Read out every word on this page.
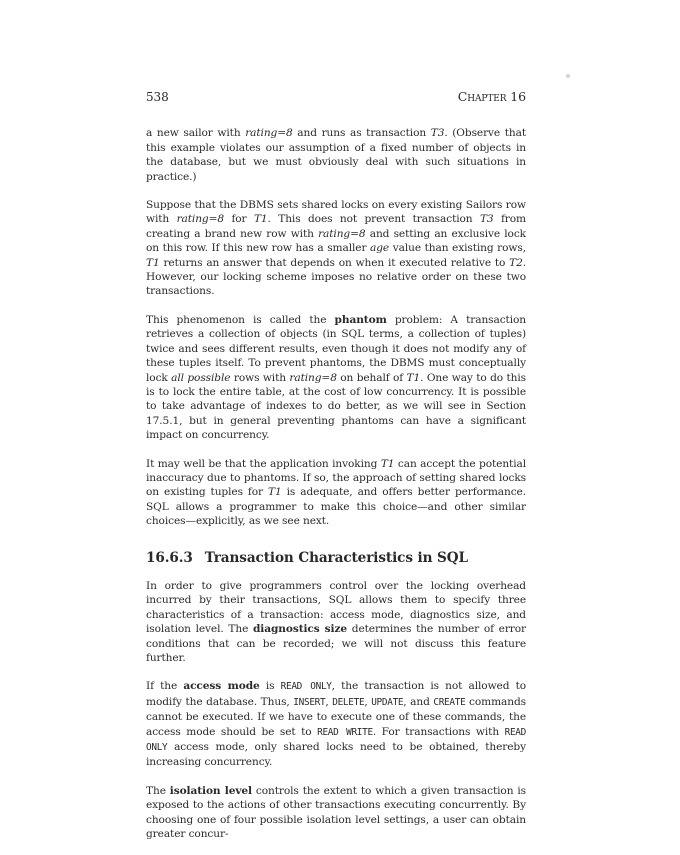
538	Chapter 16

a new sailor with rating=8 and runs as transaction T3. (Observe that this example violates our assumption of a fixed number of objects in the database, but we must obviously deal with such situations in practice.)

Suppose that the DBMS sets shared locks on every existing Sailors row with rating=8 for T1. This does not prevent transaction T3 from creating a brand new row with rating=8 and setting an exclusive lock on this row. If this new row has a smaller age value than existing rows, T1 returns an answer that depends on when it executed relative to T2. However, our locking scheme imposes no relative order on these two transactions.

This phenomenon is called the phantom problem: A transaction retrieves a collection of objects (in SQL terms, a collection of tuples) twice and sees different results, even though it does not modify any of these tuples itself. To prevent phantoms, the DBMS must conceptually lock all possible rows with rating=8 on behalf of T1. One way to do this is to lock the entire table, at the cost of low concurrency. It is possible to take advantage of indexes to do better, as we will see in Section 17.5.1, but in general preventing phantoms can have a significant impact on concurrency.

It may well be that the application invoking T1 can accept the potential inaccuracy due to phantoms. If so, the approach of setting shared locks on existing tuples for T1 is adequate, and offers better performance. SQL allows a programmer to make this choice—and other similar choices—explicitly, as we see next.

16.6.3 Transaction Characteristics in SQL

In order to give programmers control over the locking overhead incurred by their transactions, SQL allows them to specify three characteristics of a transaction: access mode, diagnostics size, and isolation level. The diagnostics size determines the number of error conditions that can be recorded; we will not discuss this feature further.

If the access mode is READ ONLY, the transaction is not allowed to modify the database. Thus, INSERT, DELETE, UPDATE, and CREATE commands cannot be executed. If we have to execute one of these commands, the access mode should be set to READ WRITE. For transactions with READ ONLY access mode, only shared locks need to be obtained, thereby increasing concurrency.

The isolation level controls the extent to which a given transaction is exposed to the actions of other transactions executing concurrently. By choosing one of four possible isolation level settings, a user can obtain greater concur-
